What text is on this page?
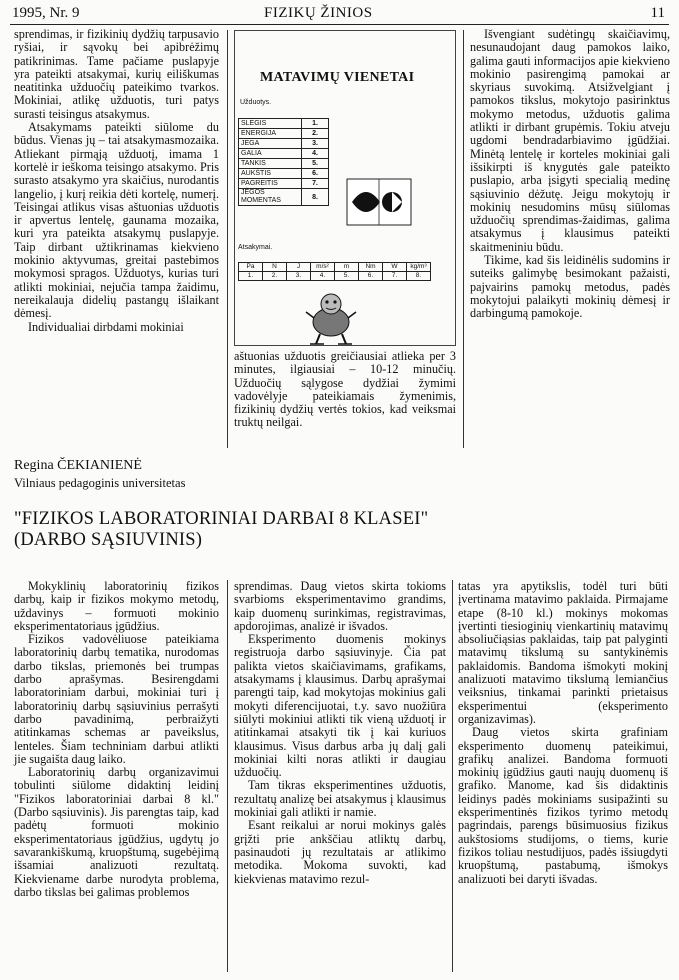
1995, Nr. 9	FIZIKŲ ŽINIOS	11

sprendimas, ir fizikinių dydžių tarpusavio ryšiai, ir sąvokų bei apibrėžimų patikrinimas. Tame pačiame puslapyje yra pateikti atsakymai, kurių eiliškumas neatitinka užduočių pateikimo tvarkos. Mokiniai, atlikę užduotis, turi patys surasti teisingus atsakymus.

Atsakymams pateikti siūlome du būdus. Vienas jų – tai atsakymasmozaika. Atliekant pirmąją užduotį, imama 1 kortelė ir ieškoma teisingo atsakymo. Pris surasto atsakymo yra skaičius, nurodantis langelio, į kurį reikia dėti kortelę, numerį. Teisingai atlikus visas aštuonias užduotis ir apvertus lentelę, gaunama mozaika, kuri yra pateikta atsakymų puslapyje. Taip dirbant užtikrinamas kiekvieno mokinio aktyvumas, greitai pastebimos mokymosi spragos. Užduotys, kurias turi atlikti mokiniai, nejučia tampa žaidimu, nereikalauja didelių pastangų išlaikant dėmesį.

Individualiai dirbdami mokiniai

MATAVIMŲ VIENETAI
Užduotys.
SLĖGIS	1.
ENERGIJA	2.
JĖGA	3.
GALIA	4.
TANKIS	5.
AUKŠTIS	6.
PAGREITIS	7.
JĖGOS MOMENTAS	8.
Atsakymai.
Pa	N	J	m/s²	m	Nm	W	kg/m³
1.	2.	3.	4.	5.	6.	7.	8.

aštuonias užduotis greičiausiai atlieka per 3 minutes, ilgiausiai – 10-12 minučių. Užduočių sąlygose dydžiai žymimi vadovėlyje pateikiamais žymenimis, fizikinių dydžių vertės tokios, kad veiksmai truktų neilgai.

Išvengiant sudėtingų skaičiavimų, nesunaudojant daug pamokos laiko, galima gauti informacijos apie kiekvieno mokinio pasirengimą pamokai ar skyriaus suvokimą. Atsižvelgiant į pamokos tikslus, mokytojo pasirinktus mokymo metodus, užduotis galima atlikti ir dirbant grupėmis. Tokiu atveju ugdomi bendradarbiavimo įgūdžiai. Minėtą lentelę ir korteles mokiniai gali išsikirpti iš knygutės gale pateikto puslapio, arba įsigyti specialią medinę sąsiuvinio dėžutę. Jeigu mokytojų ir mokinių nesudomins mūsų siūlomas užduočių sprendimas-žaidimas, galima atsakymus į klausimus pateikti skaitmeniniu būdu.

Tikime, kad šis leidinėlis sudomins ir suteiks galimybę besimokant pažaisti, pajvairins pamokų metodus, padės mokytojui palaikyti mokinių dėmesį ir darbingumą pamokoje.

Regina ČEKIANIENĖ
Vilniaus pedagoginis universitetas
"FIZIKOS LABORATORINIAI DARBAI 8 KLASEI"
(DARBO SĄSIUVINIS)

Mokyklinių laboratorinių fizikos darbų, kaip ir fizikos mokymo metodų, uždavinys – formuoti mokinio eksperimentatoriaus įgūdžius.

Fizikos vadovėliuose pateikiama laboratorinių darbų tematika, nurodomas darbo tikslas, priemonės bei trumpas darbo aprašymas. Besirengdami laboratoriniam darbui, mokiniai turi į laboratorinių darbų sąsiuvinius perrašyti darbo pavadinimą, perbraižyti atitinkamas schemas ar paveikslus, lenteles. Šiam techniniam darbui atlikti jie sugaišta daug laiko.

Laboratorinių darbų organizavimui tobulinti siūlome didaktinį leidinį "Fizikos laboratoriniai darbai 8 kl." (Darbo sąsiuvinis). Jis parengtas taip, kad padėtų formuoti mokinio eksperimentatoriaus įgūdžius, ugdytų jo savarankiškumą, kruopštumą, sugebėjimą išsamiai analizuoti rezultatą. Kiekviename darbe nurodyta problema, darbo tikslas bei galimas problemos

sprendimas. Daug vietos skirta tokioms svarbioms eksperimentavimo grandims, kaip duomenų surinkimas, registravimas, apdorojimas, analizė ir išvados.

Eksperimento duomenis mokinys registruoja darbo sąsiuvinyje. Čia pat palikta vietos skaičiavimams, grafikams, atsakymams į klausimus. Darbų aprašymai parengti taip, kad mokytojas mokinius gali mokyti diferencijuotai, t.y. savo nuožiūra siūlyti mokiniui atlikti tik vieną užduotį ir atitinkamai atsakyti tik į kai kuriuos klausimus. Visus darbus arba jų dalį gali mokiniai kilti noras atlikti ir daugiau užduočių.

Tam tikras eksperimentines užduotis, rezultatų analizę bei atsakymus į klausimus mokiniai gali atlikti ir namie.

Esant reikalui ar norui mokinys galės grįžti prie ankščiau atliktų darbų, pasinaudoti jų rezultatais ar atlikimo metodika. Mokoma suvokti, kad kiekvienas matavimo rezul-

tatas yra apytikslis, todėl turi būti įvertinama matavimo paklaida. Pirmajame etape (8-10 kl.) mokinys mokomas įvertinti tiesioginių vienkartinių matavimų absoliučiąsias paklaidas, taip pat palyginti matavimų tikslumą su santykinėmis paklaidomis. Bandoma išmokyti mokinį analizuoti matavimo tikslumą lemiančius veiksnius, tinkamai parinkti prietaisus eksperimentui (eksperimento organizavimas).

Daug vietos skirta grafiniam eksperimento duomenų pateikimui, grafikų analizei. Bandoma formuoti mokinių įgūdžius gauti naujų duomenų iš grafiko. Manome, kad šis didaktinis leidinys padės mokiniams susipažinti su eksperimentinės fizikos tyrimo metodų pagrindais, parengs būsimuosius fizikus aukštosioms studijoms, o tiems, kurie fizikos toliau nestudijuos, padės išsiugdyti kruopštumą, pastabumą, išmokys analizuoti bei daryti išvadas.
